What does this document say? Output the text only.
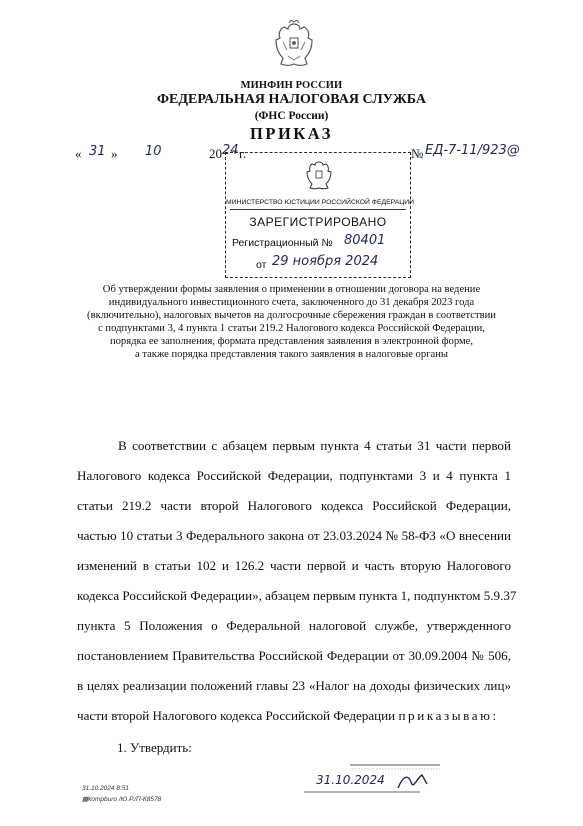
МИНФИН РОССИИ
ФЕДЕРАЛЬНАЯ НАЛОГОВАЯ СЛУЖБА
(ФНС России)
ПРИКАЗ
« 31 » 10	20 24 г.	№ ЕД-7-11/923@
МИНИСТЕРСТВО ЮСТИЦИИ РОССИЙСКОЙ ФЕДЕРАЦИИ
ЗАРЕГИСТРИРОВАНО
Регистрационный № 80401
от 29 ноября 2024
Об утверждении формы заявления о применении в отношении договора на ведение
индивидуального инвестиционного счета, заключенного до 31 декабря 2023 года
(включительно), налоговых вычетов на долгосрочные сбережения граждан в соответствии
с подпунктами 3, 4 пункта 1 статьи 219.2 Налогового кодекса Российской Федерации,
порядка ее заполнения, формата представления заявления в электронной форме,
а также порядка представления такого заявления в налоговые органы
В соответствии с абзацем первым пункта 4 статьи 31 части первой
Налогового кодекса Российской Федерации, подпунктами 3 и 4 пункта 1
статьи 219.2 части второй Налогового кодекса Российской Федерации,
частью 10 статьи 3 Федерального закона от 23.03.2024 № 58-ФЗ «О внесении
изменений в статьи 102 и 126.2 части первой и часть вторую Налогового
кодекса Российской Федерации», абзацем первым пункта 1, подпунктом 5.9.37
пункта 5 Положения о Федеральной налоговой службе, утвержденного
постановлением Правительства Российской Федерации от 30.09.2004 № 506,
в целях реализации положений главы 23 «Налог на доходы физических лиц»
части второй Налогового кодекса Российской Федерации приказываю:
1. Утвердить:
31.10.2024 8:51
▩kompburo /Ю.Р./П-К8578
31.10.2024
